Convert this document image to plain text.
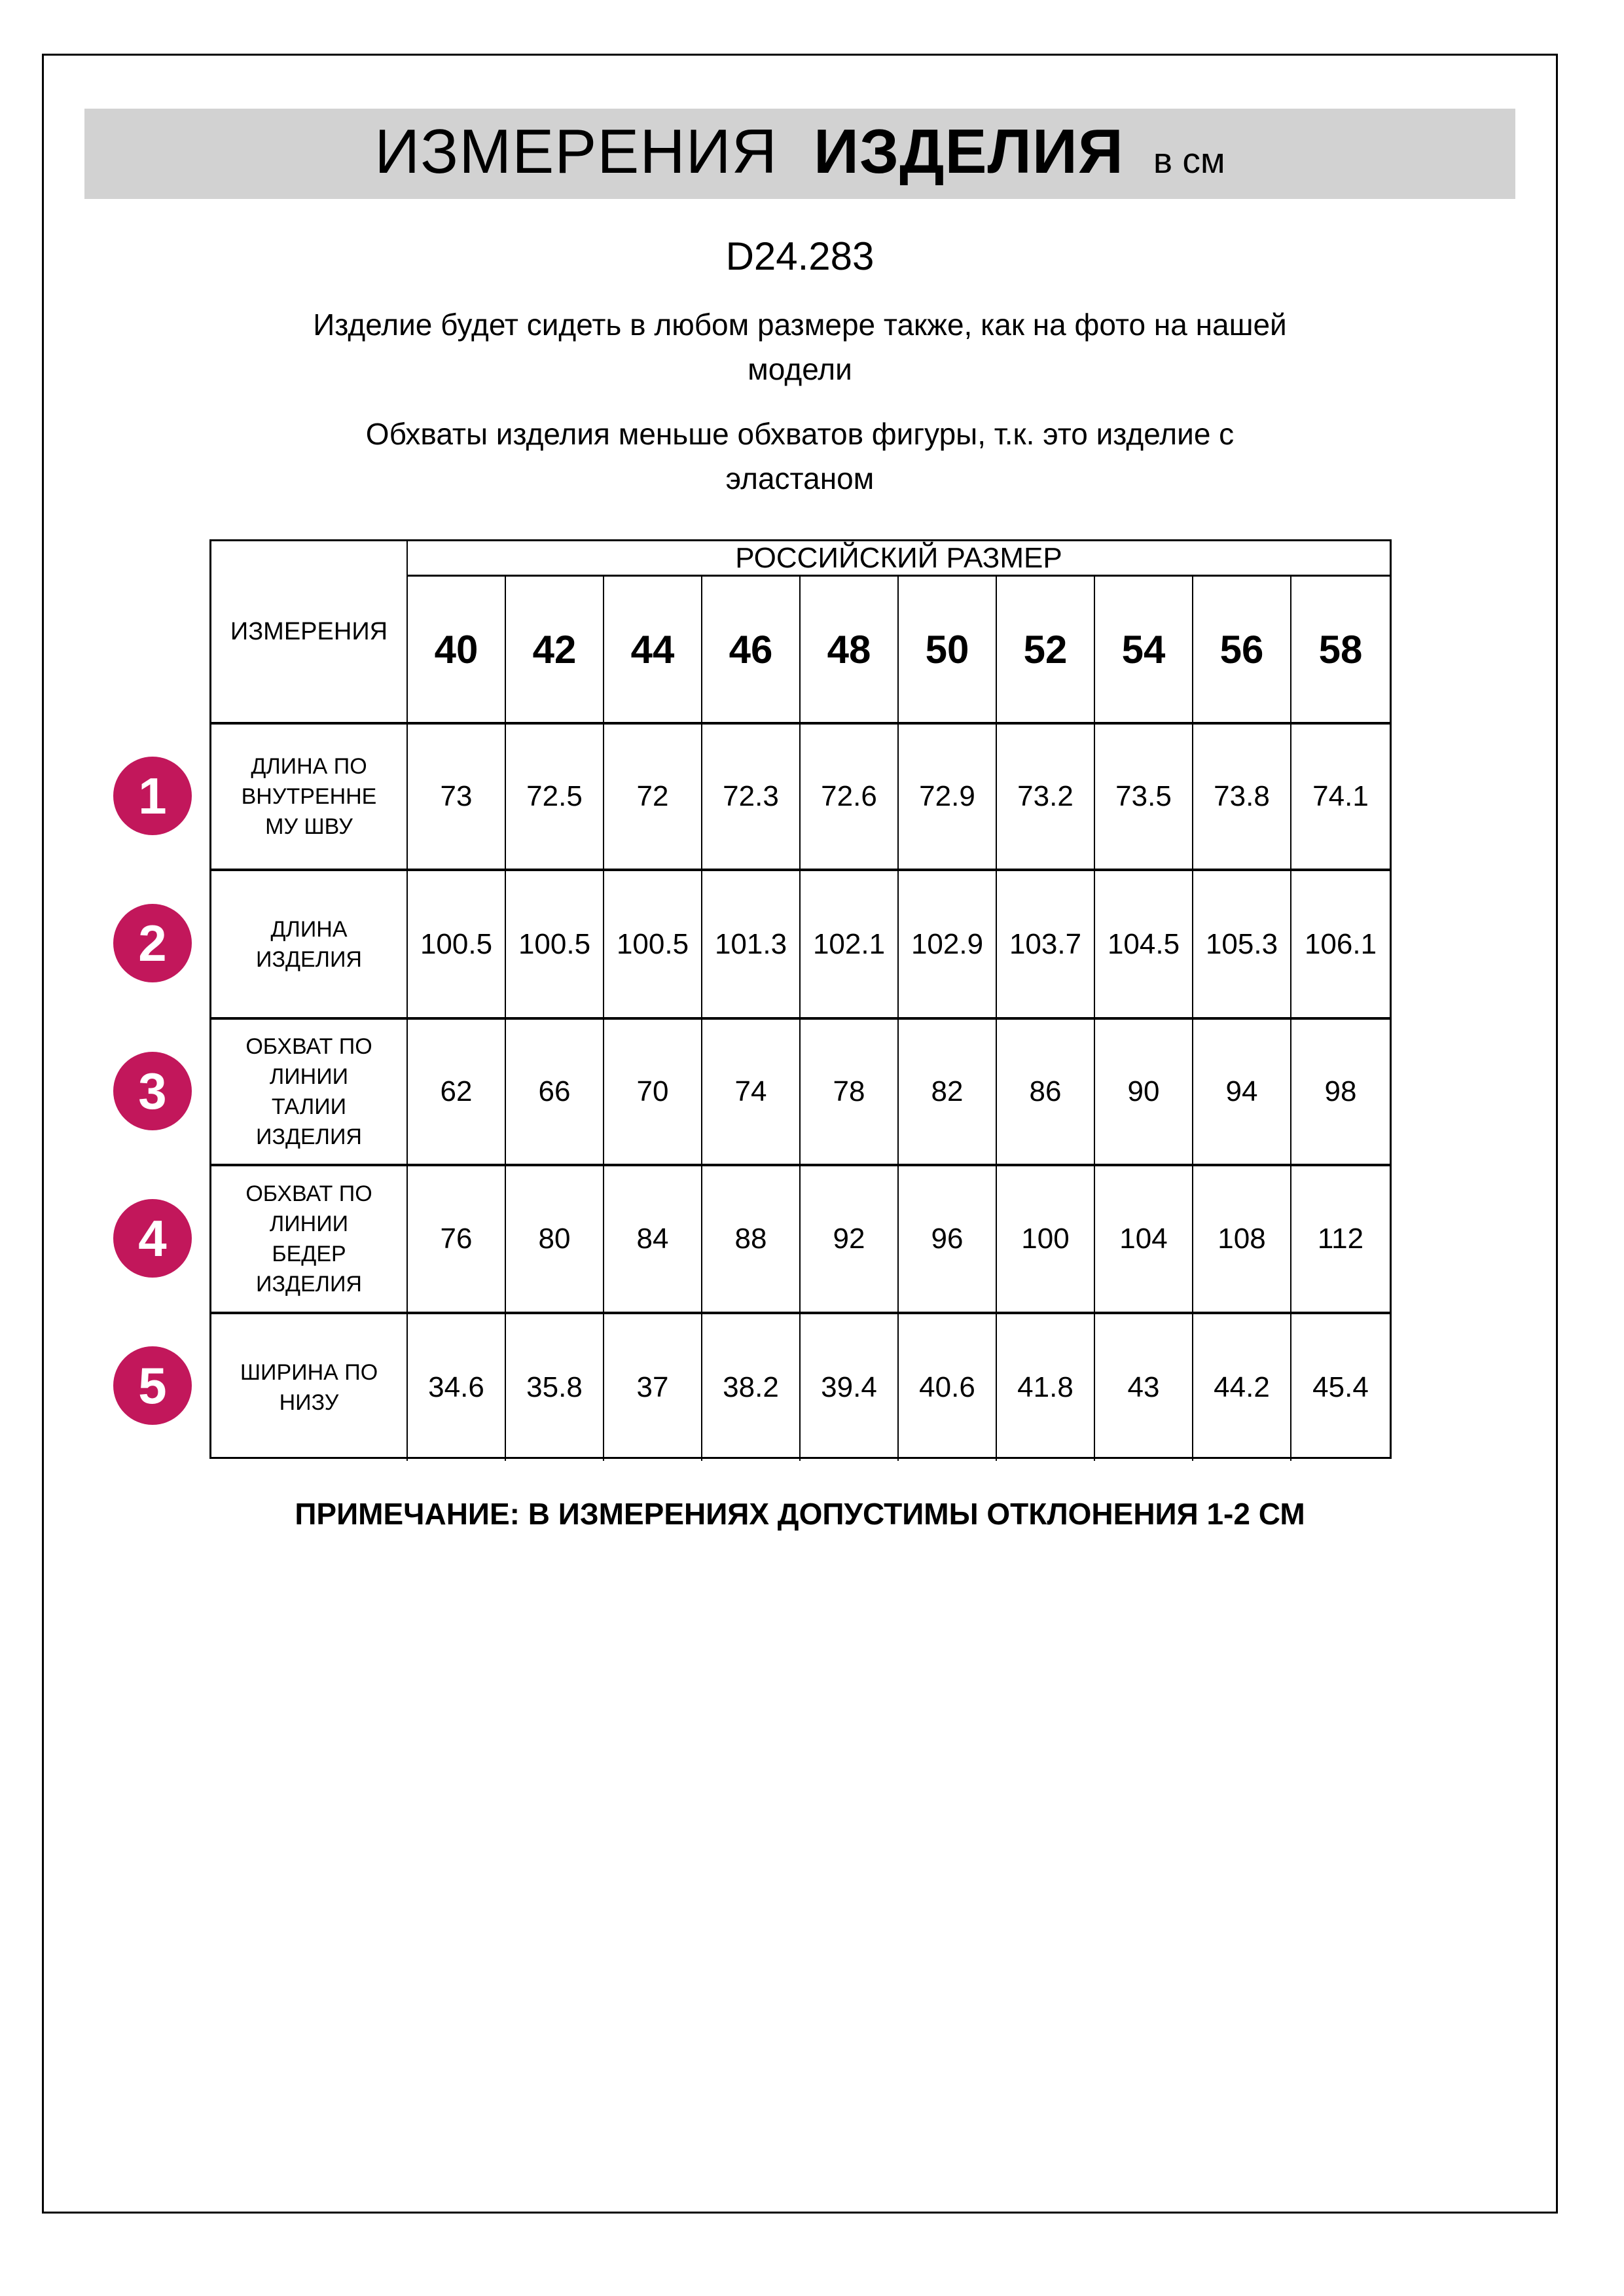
ИЗМЕРЕНИЯ ИЗДЕЛИЯ в см
D24.283
Изделие будет сидеть в любом размере также, как на фото на нашей
модели
Обхваты изделия меньше обхватов фигуры, т.к. это изделие с
эластаном
ИЗМЕРЕНИЯ
РОССИЙСКИЙ РАЗМЕР
40	42	44	46	48	50	52	54	56	58
ДЛИНА ПО
ВНУТРЕННЕ
МУ ШВУ
73	72.5	72	72.3	72.6	72.9	73.2	73.5	73.8	74.1
ДЛИНА
ИЗДЕЛИЯ	100.5 100.5 100.5 101.3 102.1 102.9 103.7 104.5 105.3 106.1
ОБХВАТ ПО
ЛИНИИ
ТАЛИИ
ИЗДЕЛИЯ
62	66	70	74	78	82	86	90	94	98
ОБХВАТ ПО
ЛИНИИ
БЕДЕР
ИЗДЕЛИЯ
76	80	84	88	92	96	100	104	108	112
ШИРИНА ПО
НИЗУ	34.6	35.8	37	38.2	39.4	40.6	41.8	43	44.2	45.4
1
2
3
4
5
ПРИМЕЧАНИЕ: В ИЗМЕРЕНИЯХ ДОПУСТИМЫ ОТКЛОНЕНИЯ 1-2 СМ
